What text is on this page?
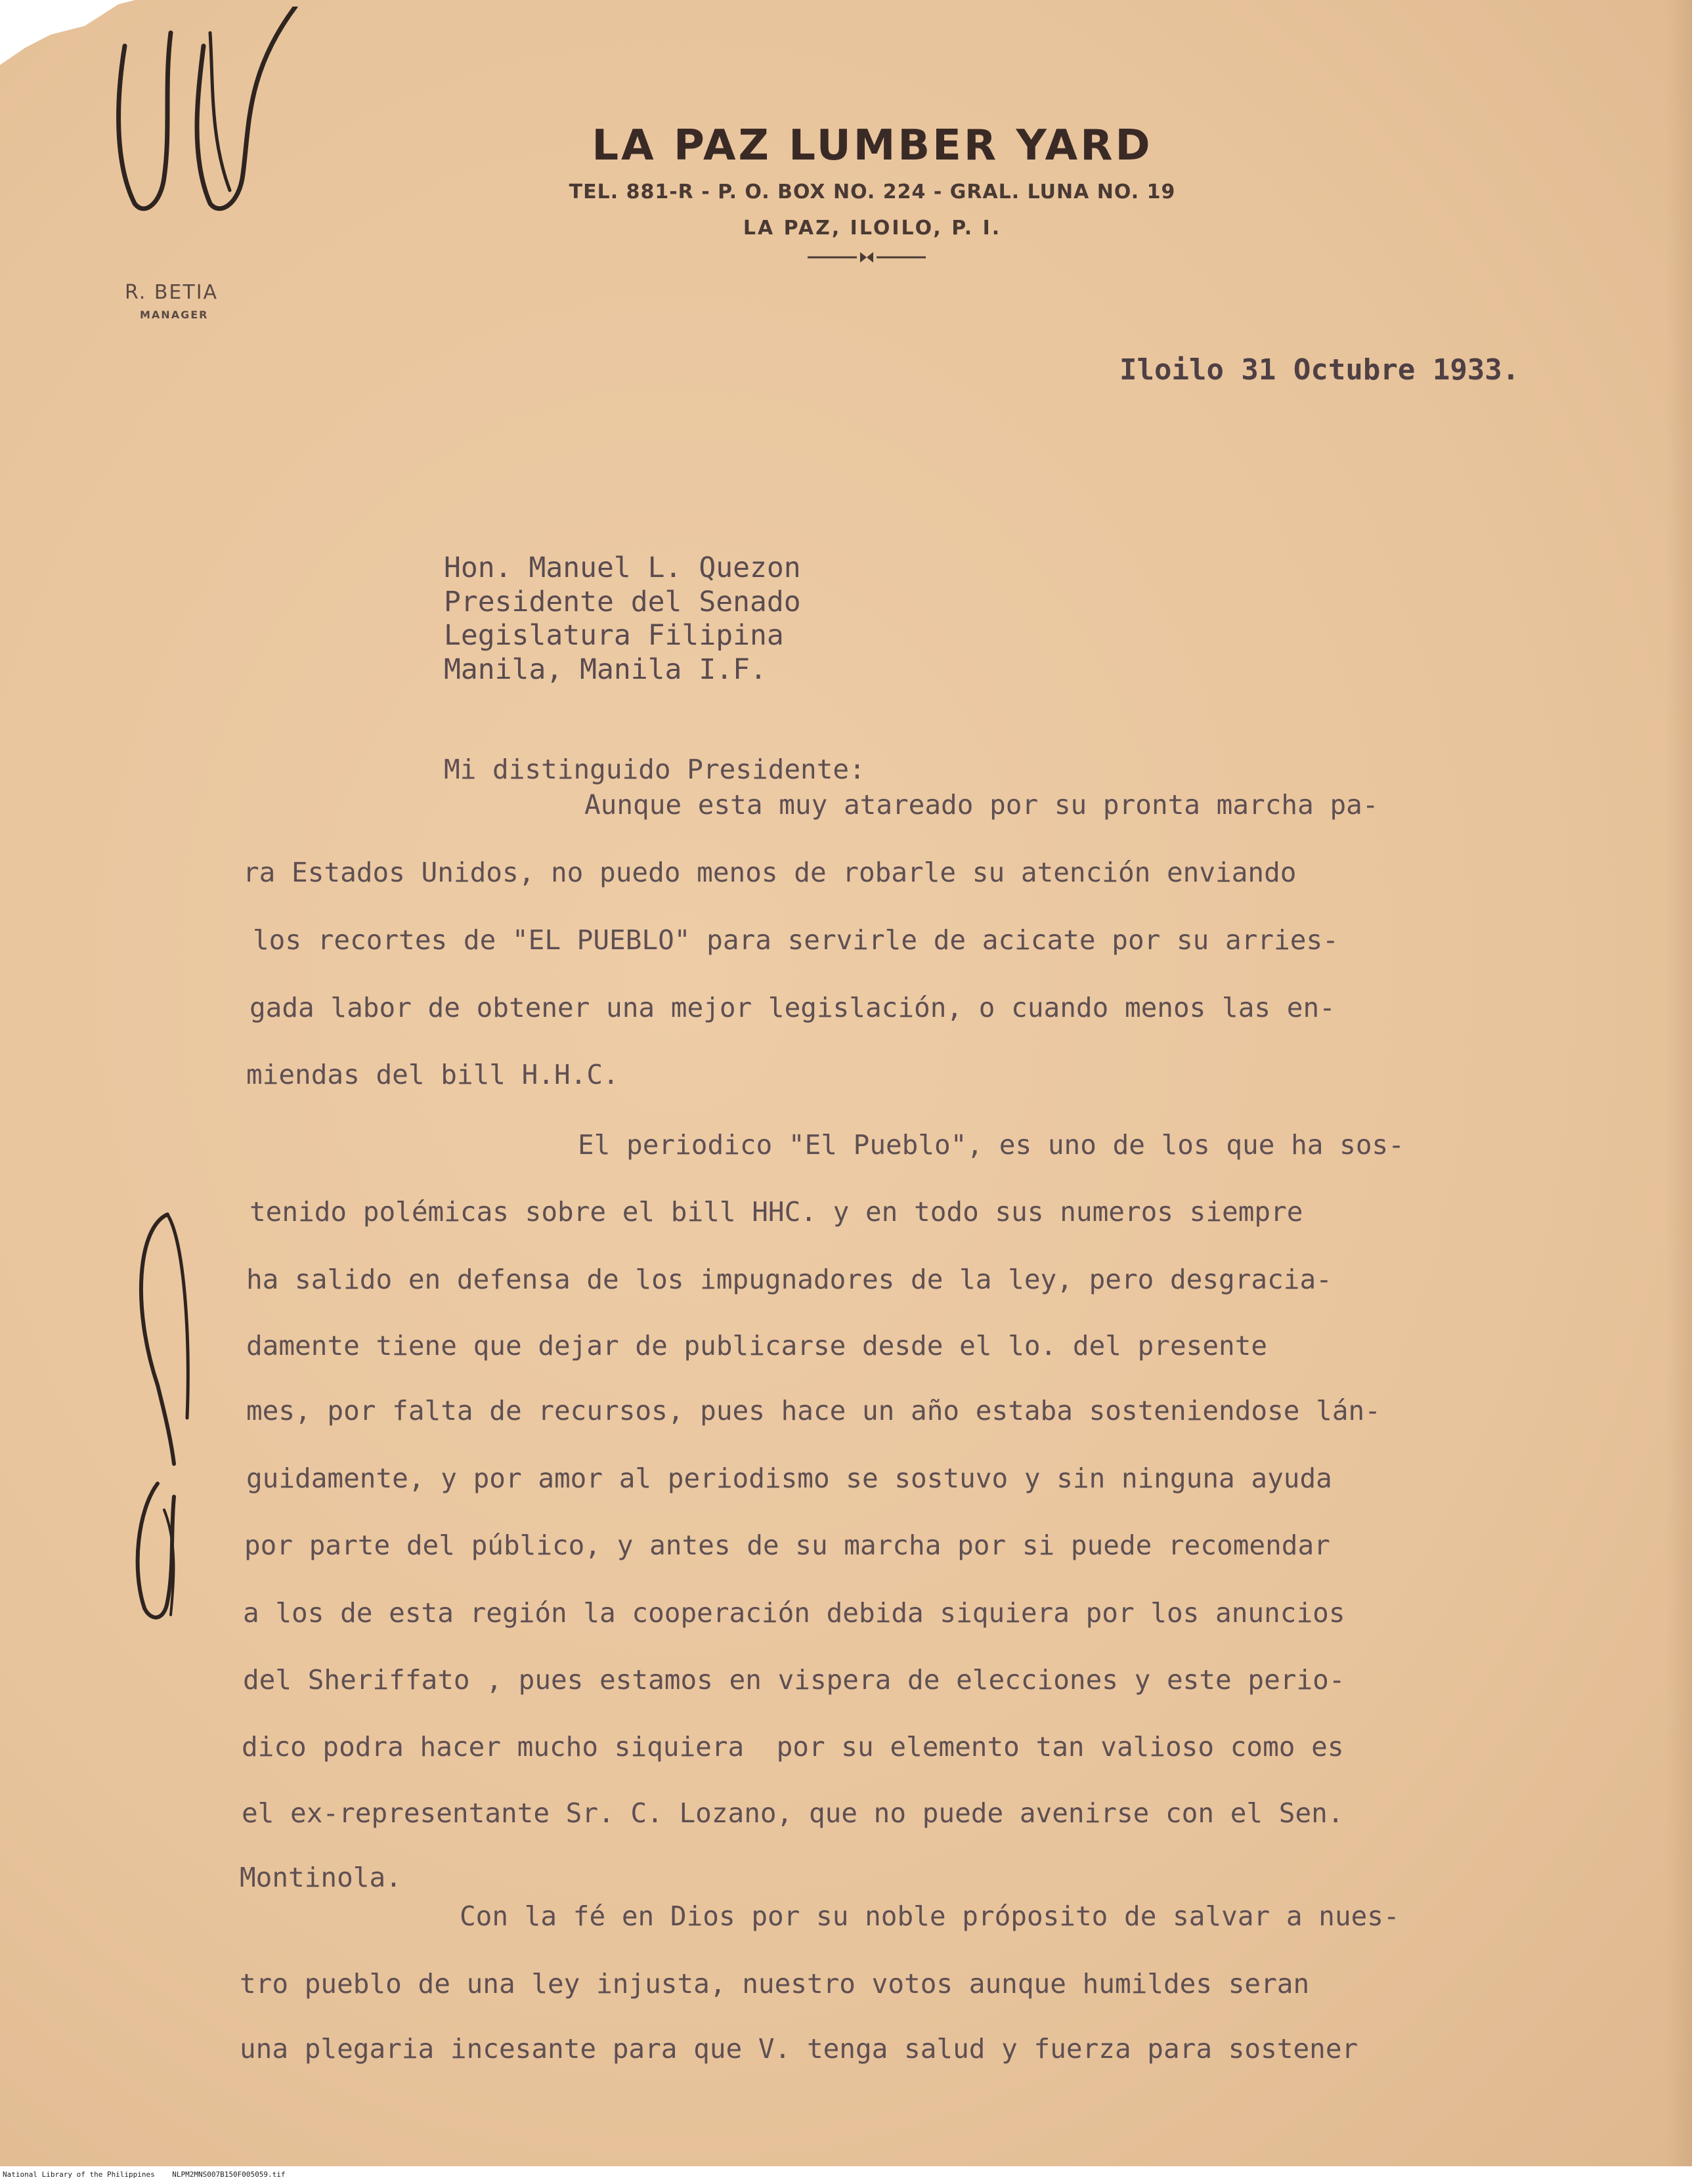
LA PAZ LUMBER YARD
TEL. 881-R - P. O. BOX NO. 224 - GRAL. LUNA NO. 19
LA PAZ, ILOILO, P. I.
R. BETIA
MANAGER
Iloilo 31 Octubre 1933.
Hon. Manuel L. Quezon
Presidente del Senado
Legislatura Filipina
Manila, Manila I.F.
Mi distinguido Presidente:
Aunque esta muy atareado por su pronta marcha pa-
ra Estados Unidos, no puedo menos de robarle su atención enviando
los recortes de "EL PUEBLO" para servirle de acicate por su arries-
gada labor de obtener una mejor legislación, o cuando menos las en-
miendas del bill H.H.C.
El periodico "El Pueblo", es uno de los que ha sos-
tenido polémicas sobre el bill HHC. y en todo sus numeros siempre
ha salido en defensa de los impugnadores de la ley, pero desgracia-
damente tiene que dejar de publicarse desde el lo. del presente
mes, por falta de recursos, pues hace un año estaba sosteniendose lán-
guidamente, y por amor al periodismo se sostuvo y sin ninguna ayuda
por parte del público, y antes de su marcha por si puede recomendar
a los de esta región la cooperación debida siquiera por los anuncios
del Sheriffato , pues estamos en vispera de elecciones y este perio-
dico podra hacer mucho siquiera  por su elemento tan valioso como es
el ex-representante Sr. C. Lozano, que no puede avenirse con el Sen.
Montinola.
Con la fé en Dios por su noble próposito de salvar a nues-
tro pueblo de una ley injusta, nuestro votos aunque humildes seran
una plegaria incesante para que V. tenga salud y fuerza para sostener
National Library of the Philippines    NLPM2MNS007B150F005059.tif
